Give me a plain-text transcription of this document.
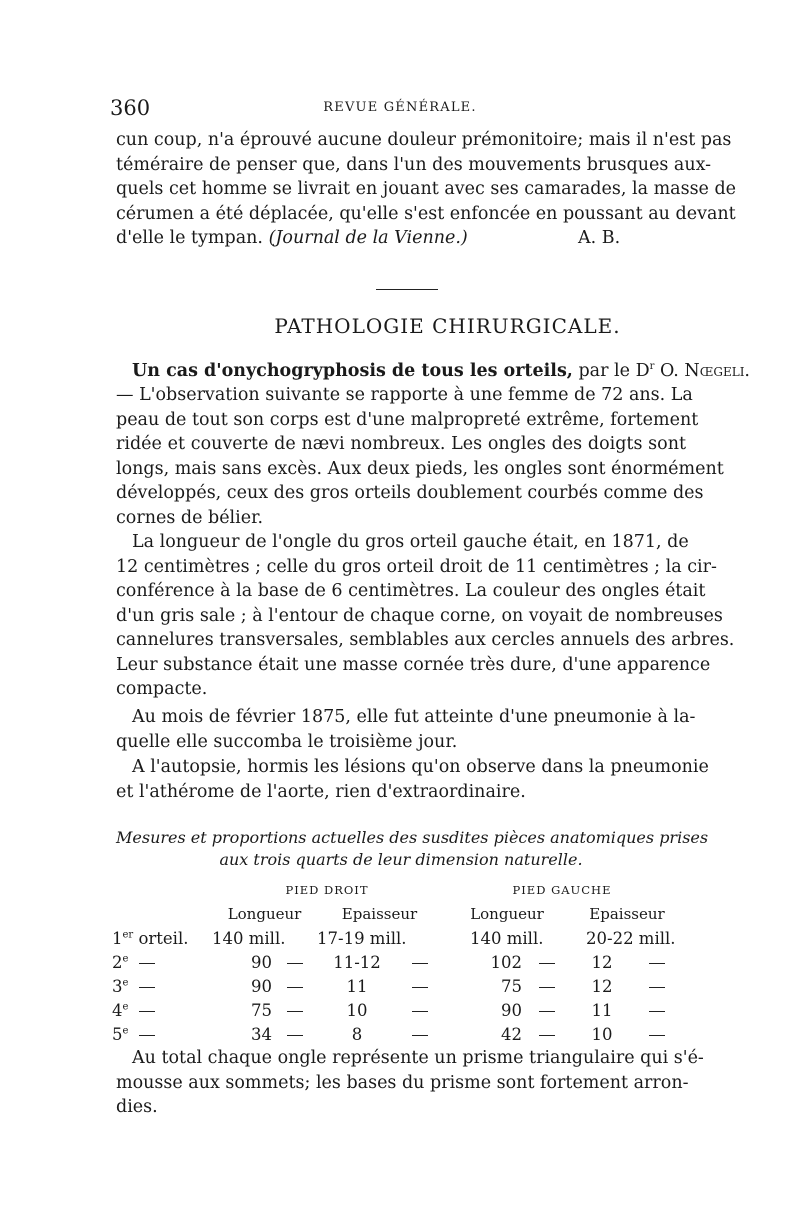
360	REVUE GÉNÉRALE.
cun coup, n'a éprouvé aucune douleur prémonitoire; mais il n'est pas
téméraire de penser que, dans l'un des mouvements brusques aux-
quels cet homme se livrait en jouant avec ses camarades, la masse de
cérumen a été déplacée, qu'elle s'est enfoncée en poussant au devant
d'elle le tympan. (Journal de la Vienne.)	A. B.
PATHOLOGIE CHIRURGICALE.
Un cas d'onychogryphosis de tous les orteils, par le $D^r$ O. Nœgeli.
— L'observation suivante se rapporte à une femme de 72 ans. La
peau de tout son corps est d'une malpropreté extrême, fortement
ridée et couverte de nævi nombreux. Les ongles des doigts sont
longs, mais sans excès. Aux deux pieds, les ongles sont énormément
développés, ceux des gros orteils doublement courbés comme des
cornes de bélier.
La longueur de l'ongle du gros orteil gauche était, en 1871, de
12 centimètres ; celle du gros orteil droit de 11 centimètres ; la cir-
conférence à la base de 6 centimètres. La couleur des ongles était
d'un gris sale ; à l'entour de chaque corne, on voyait de nombreuses
cannelures transversales, semblables aux cercles annuels des arbres.
Leur substance était une masse cornée très dure, d'une apparence
compacte.
Au mois de février 1875, elle fut atteinte d'une pneumonie à la-
quelle elle succomba le troisième jour.
A l'autopsie, hormis les lésions qu'on observe dans la pneumonie
et l'athérome de l'aorte, rien d'extraordinaire.
Mesures et proportions actuelles des susdites pièces anatomiques prises
aux trois quarts de leur dimension naturelle.
	PIED DROIT				PIED GAUCHE			
	Longueur		Epaisseur		Longueur		Epaisseur	
1er orteil.	140 mill.		17-19 mill.		140 mill.		20-22 mill.	
2e	90		11-12		102		12	
3e	90		11		75		12	
4e	75		10		90		11	
5e	34		8		42		10	
Au total chaque ongle représente un prisme triangulaire qui s'é-
mousse aux sommets; les bases du prisme sont fortement arron-
dies.
